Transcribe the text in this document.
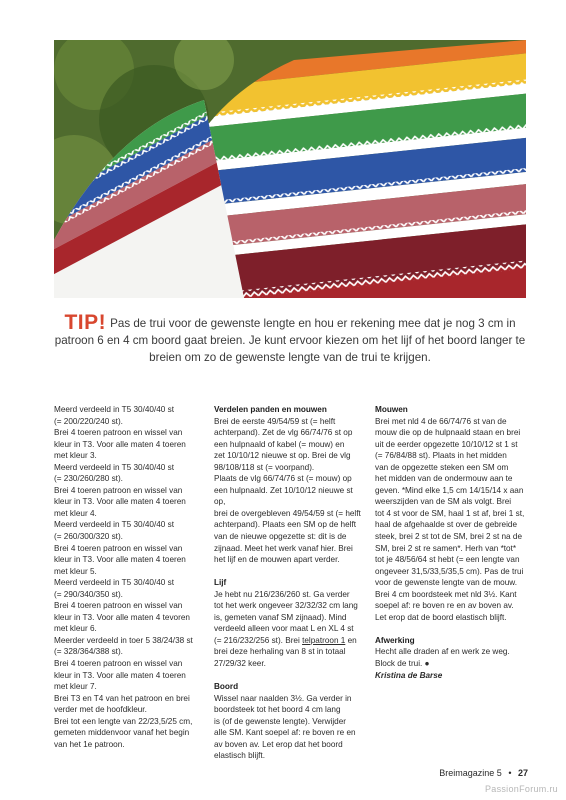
TIP! Pas de trui voor de gewenste lengte en hou er rekening mee dat je nog 3 cm in patroon 6 en 4 cm boord gaat breien. Je kunt ervoor kiezen om het lijf of het boord langer te breien om zo de gewenste lengte van de trui te krijgen.

Meerd verdeeld in T5 30/40/40 st

(= 200/220/240 st).

Brei 4 toeren patroon en wissel van

kleur in T3. Voor alle maten 4 toeren

met kleur 3.

Meerd verdeeld in T5 30/40/40 st

(= 230/260/280 st).

Brei 4 toeren patroon en wissel van

kleur in T3. Voor alle maten 4 toeren

met kleur 4.

Meerd verdeeld in T5 30/40/40 st

(= 260/300/320 st).

Brei 4 toeren patroon en wissel van

kleur in T3. Voor alle maten 4 toeren

met kleur 5.

Meerd verdeeld in T5 30/40/40 st

(= 290/340/350 st).

Brei 4 toeren patroon en wissel van

kleur in T3. Voor alle maten 4 tevoren

met kleur 6.

Meerder verdeeld in toer 5 38/24/38 st

(= 328/364/388 st).

Brei 4 toeren patroon en wissel van

kleur in T3. Voor alle maten 4 toeren

met kleur 7.

Brei T3 en T4 van het patroon en brei

verder met de hoofdkleur.

Brei tot een lengte van 22/23,5/25 cm,

gemeten middenvoor vanaf het begin

van het 1e patroon.

Verdelen panden en mouwen

Brei de eerste 49/54/59 st (= helft

achterpand). Zet de vlg 66/74/76 st op

een hulpnaald of kabel (= mouw) en

zet 10/10/12 nieuwe st op. Brei de vlg

98/108/118 st (= voorpand).

Plaats de vlg 66/74/76 st (= mouw) op

een hulpnaald. Zet 10/10/12 nieuwe st op,

brei de overgebleven 49/54/59 st (= helft

achterpand). Plaats een SM op de helft

van de nieuwe opgezette st: dit is de

zijnaad. Meet het werk vanaf hier. Brei

het lijf en de mouwen apart verder.

Lijf

Je hebt nu 216/236/260 st. Ga verder

tot het werk ongeveer 32/32/32 cm lang

is, gemeten vanaf SM zijnaad). Mind

verdeeld alleen voor maat L en XL 4 st

(= 216/232/256 st). Brei telpatroon 1 en

brei deze herhaling van 8 st in totaal

27/29/32 keer.

Boord

Wissel naar naalden 3½. Ga verder in

boordsteek tot het boord 4 cm lang

is (of de gewenste lengte). Verwijder

alle SM. Kant soepel af: re boven re en

av boven av. Let erop dat het boord

elastisch blijft.

Mouwen

Brei met nld 4 de 66/74/76 st van de

mouw die op de hulpnaald staan en brei

uit de eerder opgezette 10/10/12 st 1 st

(= 76/84/88 st). Plaats in het midden

van de opgezette steken een SM om

het midden van de ondermouw aan te

geven. *Mind elke 1,5 cm 14/15/14 x aan

weerszijden van de SM als volgt. Brei

tot 4 st voor de SM, haal 1 st af, brei 1 st,

haal de afgehaalde st over de gebreide

steek, brei 2 st tot de SM, brei 2 st na de

SM, brei 2 st re samen*. Herh van *tot*

tot je 48/56/64 st hebt (= een lengte van

ongeveer 31,5/33,5/35,5 cm). Pas de trui

voor de gewenste lengte van de mouw.

Brei 4 cm boordsteek met nld 3½. Kant

soepel af: re boven re en av boven av.

Let erop dat de boord elastisch blijft.

Afwerking

Hecht alle draden af en werk ze weg.

Block de trui. ●

Kristina de Barse

Breimagazine 5 • 27
PassionForum.ru
